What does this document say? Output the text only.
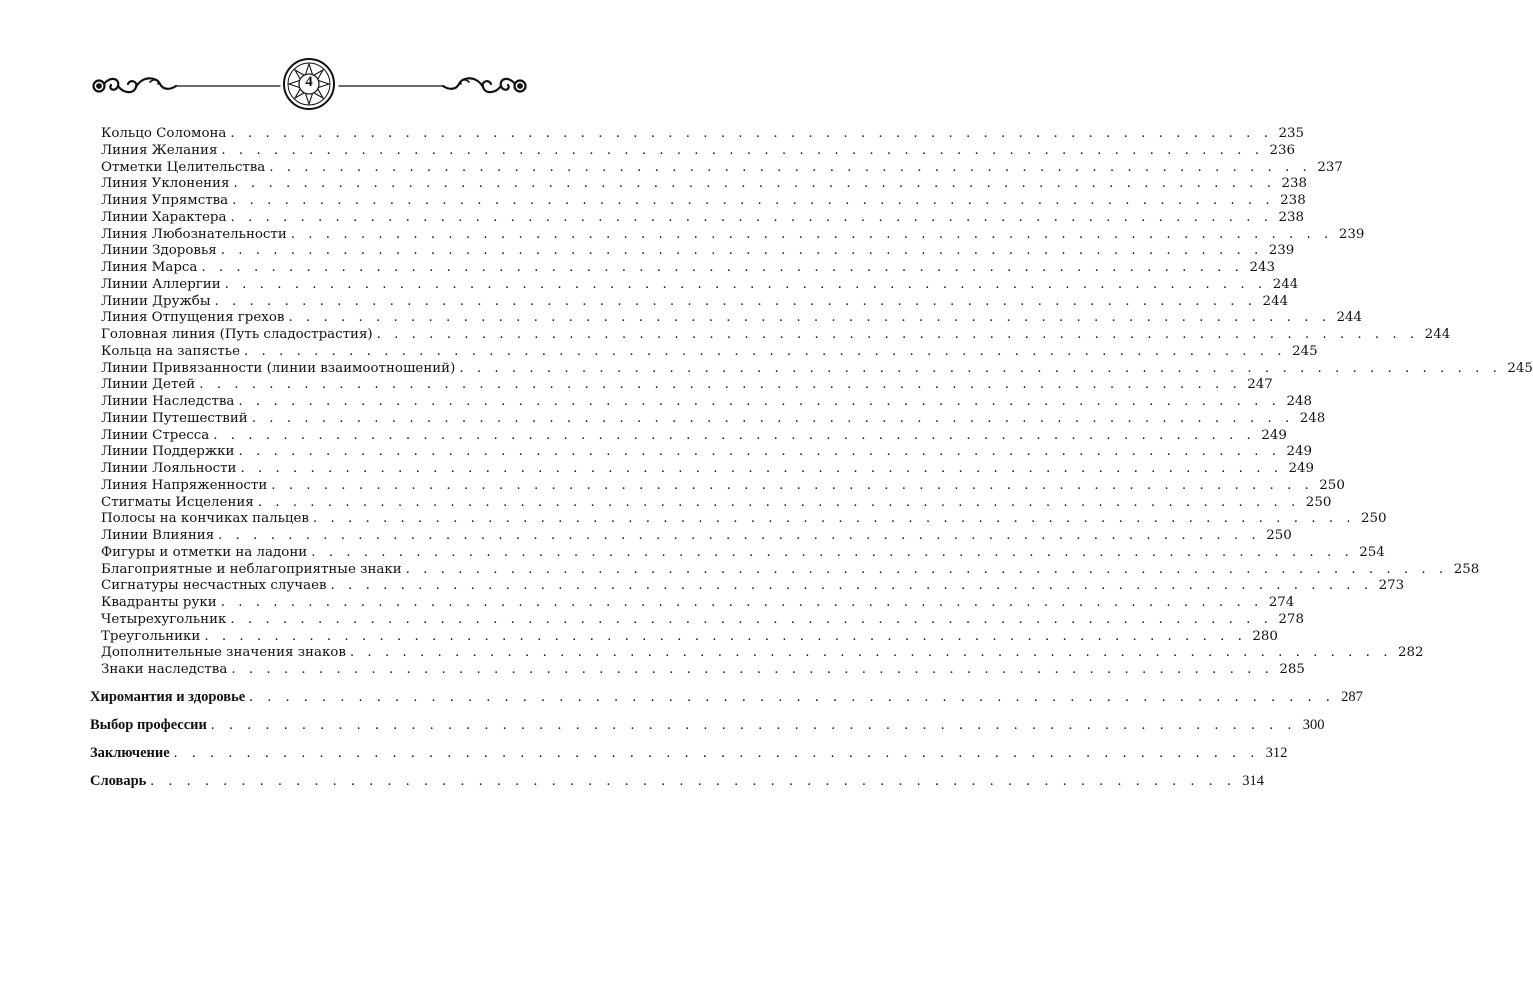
4
Кольцо Соломона . . . . . . . . . . . . . . . . . . . . . . . . . . . . . . . . . . . . . . . . . . . . . . . . . . . . . . . . . . . . 235
Линия Желания . . . . . . . . . . . . . . . . . . . . . . . . . . . . . . . . . . . . . . . . . . . . . . . . . . . . . . . . . . . . 236
Отметки Целительства . . . . . . . . . . . . . . . . . . . . . . . . . . . . . . . . . . . . . . . . . . . . . . . . . . . . . . . . . . . . 237
Линия Уклонения . . . . . . . . . . . . . . . . . . . . . . . . . . . . . . . . . . . . . . . . . . . . . . . . . . . . . . . . . . . . 238
Линия Упрямства . . . . . . . . . . . . . . . . . . . . . . . . . . . . . . . . . . . . . . . . . . . . . . . . . . . . . . . . . . . . 238
Линии Характера . . . . . . . . . . . . . . . . . . . . . . . . . . . . . . . . . . . . . . . . . . . . . . . . . . . . . . . . . . . . 238
Линия Любознательности . . . . . . . . . . . . . . . . . . . . . . . . . . . . . . . . . . . . . . . . . . . . . . . . . . . . . . . . . . . . 239
Линии Здоровья . . . . . . . . . . . . . . . . . . . . . . . . . . . . . . . . . . . . . . . . . . . . . . . . . . . . . . . . . . . . 239
Линия Марса . . . . . . . . . . . . . . . . . . . . . . . . . . . . . . . . . . . . . . . . . . . . . . . . . . . . . . . . . . . . 243
Линии Аллергии . . . . . . . . . . . . . . . . . . . . . . . . . . . . . . . . . . . . . . . . . . . . . . . . . . . . . . . . . . . . 244
Линии Дружбы . . . . . . . . . . . . . . . . . . . . . . . . . . . . . . . . . . . . . . . . . . . . . . . . . . . . . . . . . . . . 244
Линия Отпущения грехов . . . . . . . . . . . . . . . . . . . . . . . . . . . . . . . . . . . . . . . . . . . . . . . . . . . . . . . . . . . . 244
Головная линия (Путь сладострастия) . . . . . . . . . . . . . . . . . . . . . . . . . . . . . . . . . . . . . . . . . . . . . . . . . . . . . . . . . . . . 244
Кольца на запястье . . . . . . . . . . . . . . . . . . . . . . . . . . . . . . . . . . . . . . . . . . . . . . . . . . . . . . . . . . . . 245
Линии Привязанности (линии взаимоотношений) . . . . . . . . . . . . . . . . . . . . . . . . . . . . . . . . . . . . . . . . . . . . . . . . . . . . . . . . . . . . 245
Линии Детей . . . . . . . . . . . . . . . . . . . . . . . . . . . . . . . . . . . . . . . . . . . . . . . . . . . . . . . . . . . . 247
Линии Наследства . . . . . . . . . . . . . . . . . . . . . . . . . . . . . . . . . . . . . . . . . . . . . . . . . . . . . . . . . . . . 248
Линии Путешествий . . . . . . . . . . . . . . . . . . . . . . . . . . . . . . . . . . . . . . . . . . . . . . . . . . . . . . . . . . . . 248
Линии Стресса . . . . . . . . . . . . . . . . . . . . . . . . . . . . . . . . . . . . . . . . . . . . . . . . . . . . . . . . . . . . 249
Линии Поддержки . . . . . . . . . . . . . . . . . . . . . . . . . . . . . . . . . . . . . . . . . . . . . . . . . . . . . . . . . . . . 249
Линии Лояльности . . . . . . . . . . . . . . . . . . . . . . . . . . . . . . . . . . . . . . . . . . . . . . . . . . . . . . . . . . . . 249
Линия Напряженности . . . . . . . . . . . . . . . . . . . . . . . . . . . . . . . . . . . . . . . . . . . . . . . . . . . . . . . . . . . . 250
Стигматы Исцеления . . . . . . . . . . . . . . . . . . . . . . . . . . . . . . . . . . . . . . . . . . . . . . . . . . . . . . . . . . . . 250
Полосы на кончиках пальцев . . . . . . . . . . . . . . . . . . . . . . . . . . . . . . . . . . . . . . . . . . . . . . . . . . . . . . . . . . . . 250
Линии Влияния . . . . . . . . . . . . . . . . . . . . . . . . . . . . . . . . . . . . . . . . . . . . . . . . . . . . . . . . . . . . 250
Фигуры и отметки на ладони . . . . . . . . . . . . . . . . . . . . . . . . . . . . . . . . . . . . . . . . . . . . . . . . . . . . . . . . . . . . 254
Благоприятные и неблагоприятные знаки . . . . . . . . . . . . . . . . . . . . . . . . . . . . . . . . . . . . . . . . . . . . . . . . . . . . . . . . . . . . 258
Сигнатуры несчастных случаев . . . . . . . . . . . . . . . . . . . . . . . . . . . . . . . . . . . . . . . . . . . . . . . . . . . . . . . . . . . . 273
Квадранты руки . . . . . . . . . . . . . . . . . . . . . . . . . . . . . . . . . . . . . . . . . . . . . . . . . . . . . . . . . . . . 274
Четырехугольник . . . . . . . . . . . . . . . . . . . . . . . . . . . . . . . . . . . . . . . . . . . . . . . . . . . . . . . . . . . . 278
Треугольники . . . . . . . . . . . . . . . . . . . . . . . . . . . . . . . . . . . . . . . . . . . . . . . . . . . . . . . . . . . . 280
Дополнительные значения знаков . . . . . . . . . . . . . . . . . . . . . . . . . . . . . . . . . . . . . . . . . . . . . . . . . . . . . . . . . . . . 282
Знаки наследства . . . . . . . . . . . . . . . . . . . . . . . . . . . . . . . . . . . . . . . . . . . . . . . . . . . . . . . . . . . . 285
Хиромантия и здоровье . . . . . . . . . . . . . . . . . . . . . . . . . . . . . . . . . . . . . . . . . . . . . . . . . . . . . . . . . . . . 287
Выбор профессии . . . . . . . . . . . . . . . . . . . . . . . . . . . . . . . . . . . . . . . . . . . . . . . . . . . . . . . . . . . . 300
Заключение . . . . . . . . . . . . . . . . . . . . . . . . . . . . . . . . . . . . . . . . . . . . . . . . . . . . . . . . . . . . 312
Словарь . . . . . . . . . . . . . . . . . . . . . . . . . . . . . . . . . . . . . . . . . . . . . . . . . . . . . . . . . . . . 314
